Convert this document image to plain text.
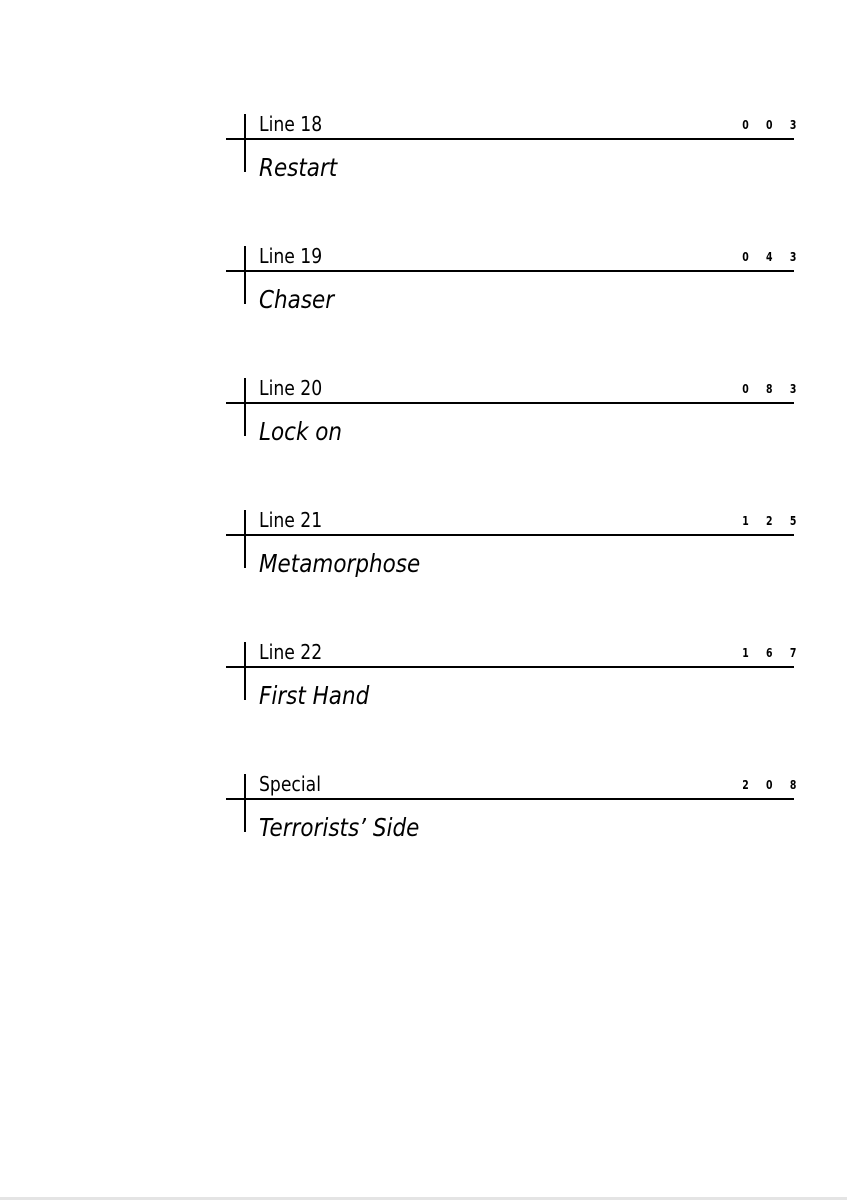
Line 18	0 0 3
Restart
Line 19	0 4 3
Chaser
Line 20	0 8 3
Lock on
Line 21	1 2 5
Metamorphose
Line 22	1 6 7
First Hand
Special	2 0 8
Terrorists’ Side
